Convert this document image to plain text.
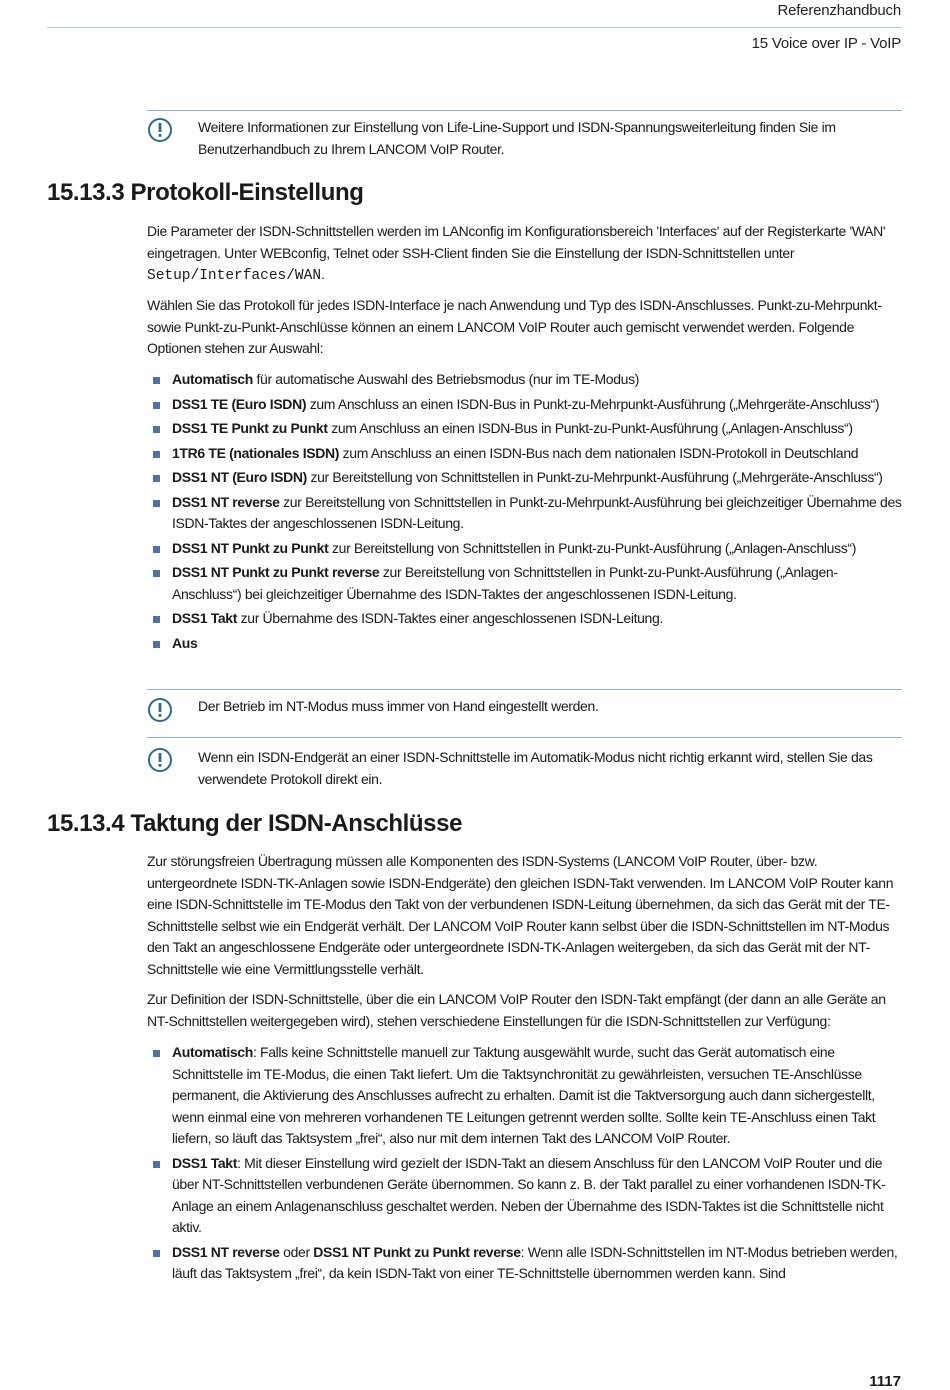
Referenzhandbuch
15 Voice over IP - VoIP
Weitere Informationen zur Einstellung von Life-Line-Support und ISDN-Spannungsweiterleitung finden Sie im Benutzerhandbuch zu Ihrem LANCOM VoIP Router.
15.13.3 Protokoll-Einstellung

Die Parameter der ISDN-Schnittstellen werden im LANconfig im Konfigurationsbereich 'Interfaces' auf der Registerkarte 'WAN' eingetragen. Unter WEBconfig, Telnet oder SSH-Client finden Sie die Einstellung der ISDN-Schnittstellen unter Setup/Interfaces/WAN.

Wählen Sie das Protokoll für jedes ISDN-Interface je nach Anwendung und Typ des ISDN-Anschlusses. Punkt-zu-Mehrpunkt- sowie Punkt-zu-Punkt-Anschlüsse können an einem LANCOM VoIP Router auch gemischt verwendet werden. Folgende Optionen stehen zur Auswahl:

Automatisch für automatische Auswahl des Betriebsmodus (nur im TE-Modus)
DSS1 TE (Euro ISDN) zum Anschluss an einen ISDN-Bus in Punkt-zu-Mehrpunkt-Ausführung („Mehrgeräte-Anschluss“)
DSS1 TE Punkt zu Punkt zum Anschluss an einen ISDN-Bus in Punkt-zu-Punkt-Ausführung („Anlagen-Anschluss“)
1TR6 TE (nationales ISDN) zum Anschluss an einen ISDN-Bus nach dem nationalen ISDN-Protokoll in Deutschland
DSS1 NT (Euro ISDN) zur Bereitstellung von Schnittstellen in Punkt-zu-Mehrpunkt-Ausführung („Mehrgeräte-Anschluss“)
DSS1 NT reverse zur Bereitstellung von Schnittstellen in Punkt-zu-Mehrpunkt-Ausführung bei gleichzeitiger Übernahme des ISDN-Taktes der angeschlossenen ISDN-Leitung.
DSS1 NT Punkt zu Punkt zur Bereitstellung von Schnittstellen in Punkt-zu-Punkt-Ausführung („Anlagen-Anschluss“)
DSS1 NT Punkt zu Punkt reverse zur Bereitstellung von Schnittstellen in Punkt-zu-Punkt-Ausführung („Anlagen-Anschluss“) bei gleichzeitiger Übernahme des ISDN-Taktes der angeschlossenen ISDN-Leitung.
DSS1 Takt zur Übernahme des ISDN-Taktes einer angeschlossenen ISDN-Leitung.
Aus
Der Betrieb im NT-Modus muss immer von Hand eingestellt werden.
Wenn ein ISDN-Endgerät an einer ISDN-Schnittstelle im Automatik-Modus nicht richtig erkannt wird, stellen Sie das verwendete Protokoll direkt ein.
15.13.4 Taktung der ISDN-Anschlüsse

Zur störungsfreien Übertragung müssen alle Komponenten des ISDN-Systems (LANCOM VoIP Router, über- bzw. untergeordnete ISDN-TK-Anlagen sowie ISDN-Endgeräte) den gleichen ISDN-Takt verwenden. Im LANCOM VoIP Router kann eine ISDN-Schnittstelle im TE-Modus den Takt von der verbundenen ISDN-Leitung übernehmen, da sich das Gerät mit der TE-Schnittstelle selbst wie ein Endgerät verhält. Der LANCOM VoIP Router kann selbst über die ISDN-Schnittstellen im NT-Modus den Takt an angeschlossene Endgeräte oder untergeordnete ISDN-TK-Anlagen weitergeben, da sich das Gerät mit der NT-Schnittstelle wie eine Vermittlungsstelle verhält.

Zur Definition der ISDN-Schnittstelle, über die ein LANCOM VoIP Router den ISDN-Takt empfängt (der dann an alle Geräte an NT-Schnittstellen weitergegeben wird), stehen verschiedene Einstellungen für die ISDN-Schnittstellen zur Verfügung:

Automatisch: Falls keine Schnittstelle manuell zur Taktung ausgewählt wurde, sucht das Gerät automatisch eine Schnittstelle im TE-Modus, die einen Takt liefert. Um die Taktsynchronität zu gewährleisten, versuchen TE-Anschlüsse permanent, die Aktivierung des Anschlusses aufrecht zu erhalten. Damit ist die Taktversorgung auch dann sichergestellt, wenn einmal eine von mehreren vorhandenen TE Leitungen getrennt werden sollte. Sollte kein TE-Anschluss einen Takt liefern, so läuft das Taktsystem „frei“, also nur mit dem internen Takt des LANCOM VoIP Router.
DSS1 Takt: Mit dieser Einstellung wird gezielt der ISDN-Takt an diesem Anschluss für den LANCOM VoIP Router und die über NT-Schnittstellen verbundenen Geräte übernommen. So kann z. B. der Takt parallel zu einer vorhandenen ISDN-TK-Anlage an einem Anlagenanschluss geschaltet werden. Neben der Übernahme des ISDN-Taktes ist die Schnittstelle nicht aktiv.
DSS1 NT reverse oder DSS1 NT Punkt zu Punkt reverse: Wenn alle ISDN-Schnittstellen im NT-Modus betrieben werden, läuft das Taktsystem „frei“, da kein ISDN-Takt von einer TE-Schnittstelle übernommen werden kann. Sind
1117
